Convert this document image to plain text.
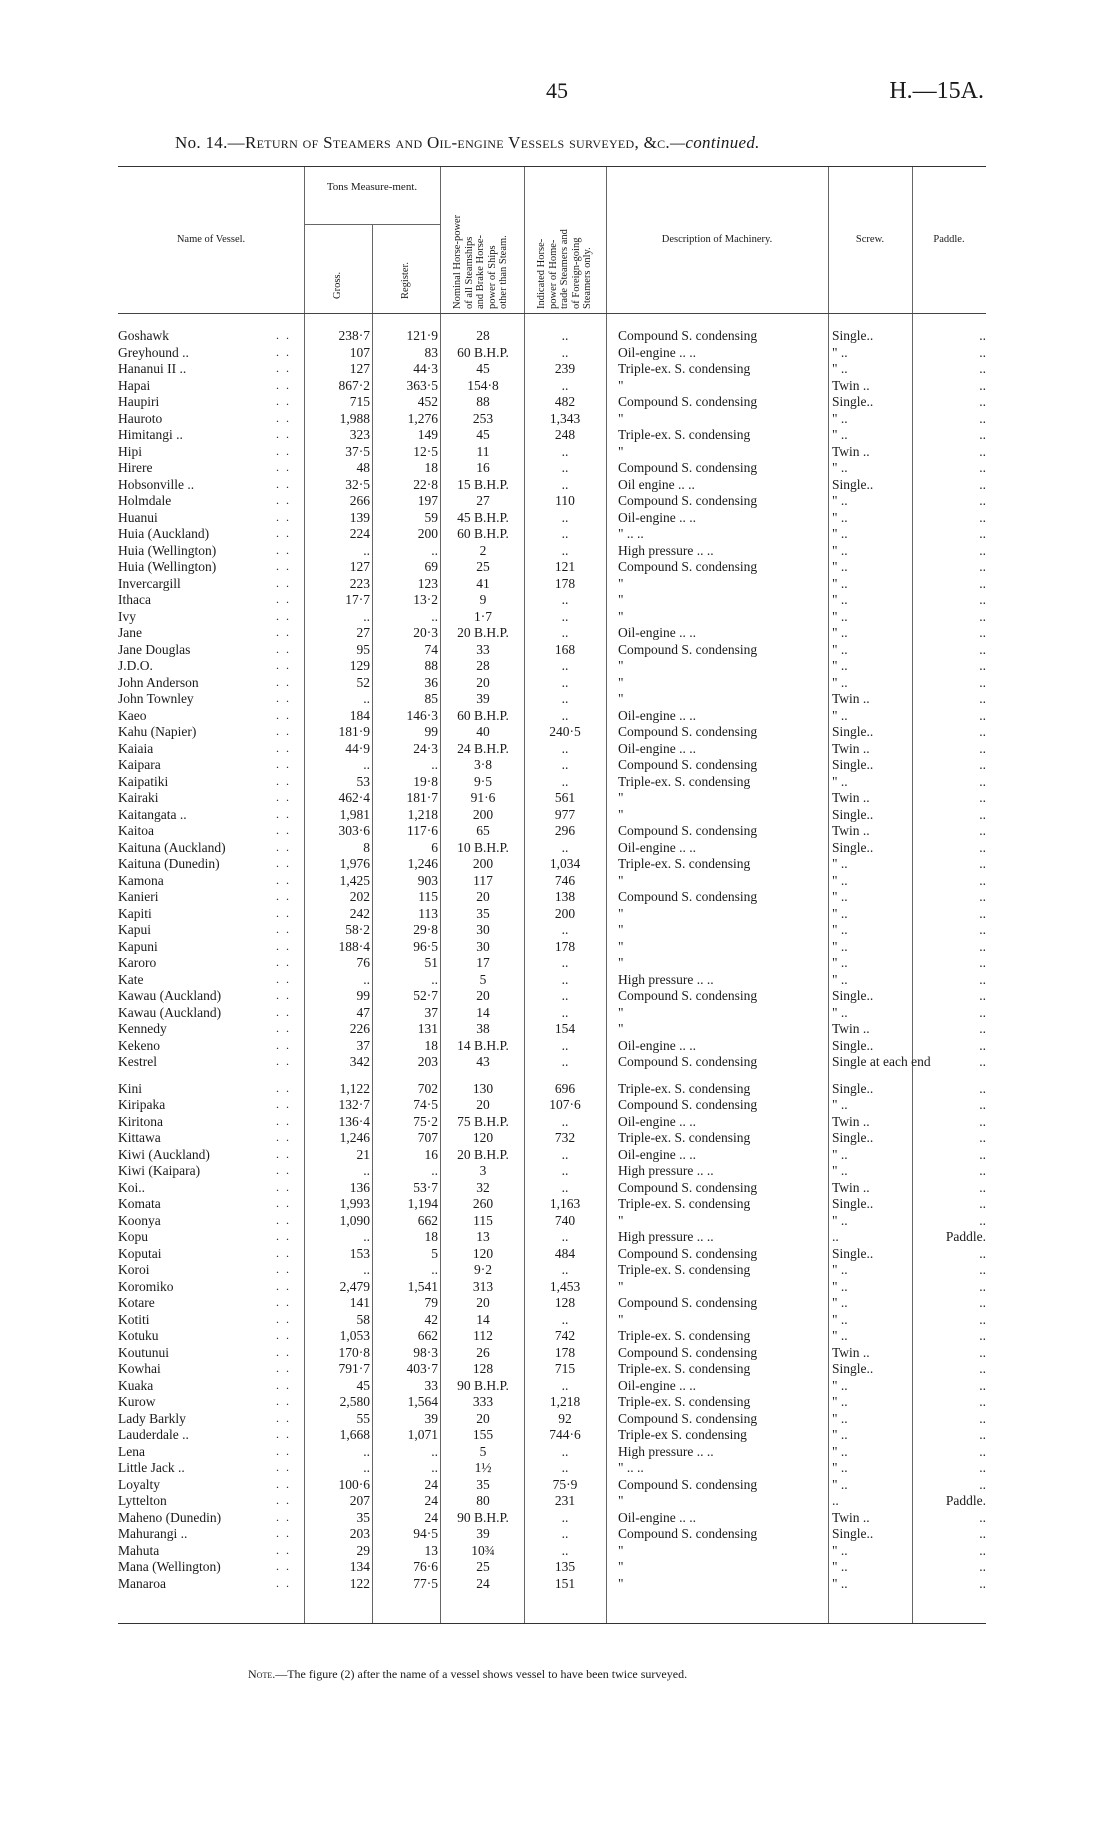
45	H.—15A.
No. 14.—Return of Steamers and Oil-engine Vessels surveyed, &c.—continued.
Name of Vessel.
Tons Measure-ment.
Gross.	Register.	Nominal Horse-power of all Steamships and Brake Horse- power of Ships other than Steam.	Indicated Horse- power of Home- trade Steamers and of Foreign-going Steamers only.
Description of Machinery.	Screw.	Paddle.
Goshawk	. .	238·7	121·9	28	..	Compound S. condensing	Single..	..
Greyhound ..	. .	107	83	60 B.H.P.	..	Oil-engine .. ..	" ..	..
Hananui II ..	. .	127	44·3	45	239	Triple-ex. S. condensing	" ..	..
Hapai	. .	867·2	363·5	154·8	..	"	Twin ..	..
Haupiri	. .	715	452	88	482	Compound S. condensing	Single..	..
Hauroto	. .	1,988	1,276	253	1,343	"	" ..	..
Himitangi ..	. .	323	149	45	248	Triple-ex. S. condensing	" ..	..
Hipi	. .	37·5	12·5	11	..	"	Twin ..	..
Hirere	. .	48	18	16	..	Compound S. condensing	" ..	..
Hobsonville ..	. .	32·5	22·8	15 B.H.P.	..	Oil engine .. ..	Single..	..
Holmdale	. .	266	197	27	110	Compound S. condensing	" ..	..
Huanui	. .	139	59	45 B.H.P.	..	Oil-engine .. ..	" ..	..
Huia (Auckland)	. .	224	200	60 B.H.P.	..	" .. ..	" ..	..
Huia (Wellington)	. .	..	..	2	..	High pressure .. ..	" ..	..
Huia (Wellington)	. .	127	69	25	121	Compound S. condensing	" ..	..
Invercargill	. .	223	123	41	178	"	" ..	..
Ithaca	. .	17·7	13·2	9	..	"	" ..	..
Ivy	. .	..	..	1·7	..	"	" ..	..
Jane	. .	27	20·3	20 B.H.P.	..	Oil-engine .. ..	" ..	..
Jane Douglas	. .	95	74	33	168	Compound S. condensing	" ..	..
J.D.O.	. .	129	88	28	..	"	" ..	..
John Anderson	. .	52	36	20	..	"	" ..	..
John Townley	. .	..	85	39	..	"	Twin ..	..
Kaeo	. .	184	146·3	60 B.H.P.	..	Oil-engine .. ..	" ..	..
Kahu (Napier)	. .	181·9	99	40	240·5	Compound S. condensing	Single..	..
Kaiaia	. .	44·9	24·3	24 B.H.P.	..	Oil-engine .. ..	Twin ..	..
Kaipara	. .	..	..	3·8	..	Compound S. condensing	Single..	..
Kaipatiki	. .	53	19·8	9·5	..	Triple-ex. S. condensing	" ..	..
Kairaki	. .	462·4	181·7	91·6	561	"	Twin ..	..
Kaitangata ..	. .	1,981	1,218	200	977	"	Single..	..
Kaitoa	. .	303·6	117·6	65	296	Compound S. condensing	Twin ..	..
Kaituna (Auckland)	. .	8	6	10 B.H.P.	..	Oil-engine .. ..	Single..	..
Kaituna (Dunedin)	. .	1,976	1,246	200	1,034	Triple-ex. S. condensing	" ..	..
Kamona	. .	1,425	903	117	746	"	" ..	..
Kanieri	. .	202	115	20	138	Compound S. condensing	" ..	..
Kapiti	. .	242	113	35	200	"	" ..	..
Kapui	. .	58·2	29·8	30	..	"	" ..	..
Kapuni	. .	188·4	96·5	30	178	"	" ..	..
Karoro	. .	76	51	17	..	"	" ..	..
Kate	. .	..	..	5	..	High pressure .. ..	" ..	..
Kawau (Auckland)	. .	99	52·7	20	..	Compound S. condensing	Single..	..
Kawau (Auckland)	. .	47	37	14	..	"	" ..	..
Kennedy	. .	226	131	38	154	"	Twin ..	..
Kekeno	. .	37	18	14 B.H.P.	..	Oil-engine .. ..	Single..	..
Kestrel	. .	342	203	43	..	Compound S. condensing	Single at each end	..
Kini	. .	1,122	702	130	696	Triple-ex. S. condensing	Single..	..
Kiripaka	. .	132·7	74·5	20	107·6	Compound S. condensing	" ..	..
Kiritona	. .	136·4	75·2	75 B.H.P.	..	Oil-engine .. ..	Twin ..	..
Kittawa	. .	1,246	707	120	732	Triple-ex. S. condensing	Single..	..
Kiwi (Auckland)	. .	21	16	20 B.H.P.	..	Oil-engine .. ..	" ..	..
Kiwi (Kaipara)	. .	..	..	3	..	High pressure .. ..	" ..	..
Koi..	. .	136	53·7	32	..	Compound S. condensing	Twin ..	..
Komata	. .	1,993	1,194	260	1,163	Triple-ex. S. condensing	Single..	..
Koonya	. .	1,090	662	115	740	"	" ..	..
Kopu	. .	..	18	13	..	High pressure .. ..	..	Paddle.
Koputai	. .	153	5	120	484	Compound S. condensing	Single..	..
Koroi	. .	..	..	9·2	..	Triple-ex. S. condensing	" ..	..
Koromiko	. .	2,479	1,541	313	1,453	"	" ..	..
Kotare	. .	141	79	20	128	Compound S. condensing	" ..	..
Kotiti	. .	58	42	14	..	"	" ..	..
Kotuku	. .	1,053	662	112	742	Triple-ex. S. condensing	" ..	..
Koutunui	. .	170·8	98·3	26	178	Compound S. condensing	Twin ..	..
Kowhai	. .	791·7	403·7	128	715	Triple-ex. S. condensing	Single..	..
Kuaka	. .	45	33	90 B.H.P.	..	Oil-engine .. ..	" ..	..
Kurow	. .	2,580	1,564	333	1,218	Triple-ex. S. condensing	" ..	..
Lady Barkly	. .	55	39	20	92	Compound S. condensing	" ..	..
Lauderdale ..	. .	1,668	1,071	155	744·6	Triple-ex S. condensing	" ..	..
Lena	. .	..	..	5	..	High pressure .. ..	" ..	..
Little Jack ..	. .	..	..	1½	..	" .. ..	" ..	..
Loyalty	. .	100·6	24	35	75·9	Compound S. condensing	" ..	..
Lyttelton	. .	207	24	80	231	"	..	Paddle.
Maheno (Dunedin)	. .	35	24	90 B.H.P.	..	Oil-engine .. ..	Twin ..	..
Mahurangi ..	. .	203	94·5	39	..	Compound S. condensing	Single..	..
Mahuta	. .	29	13	10¾	..	"	" ..	..
Mana (Wellington)	. .	134	76·6	25	135	"	" ..	..
Manaroa	. .	122	77·5	24	151	"	" ..	..
Note.—The figure (2) after the name of a vessel shows vessel to have been twice surveyed.
